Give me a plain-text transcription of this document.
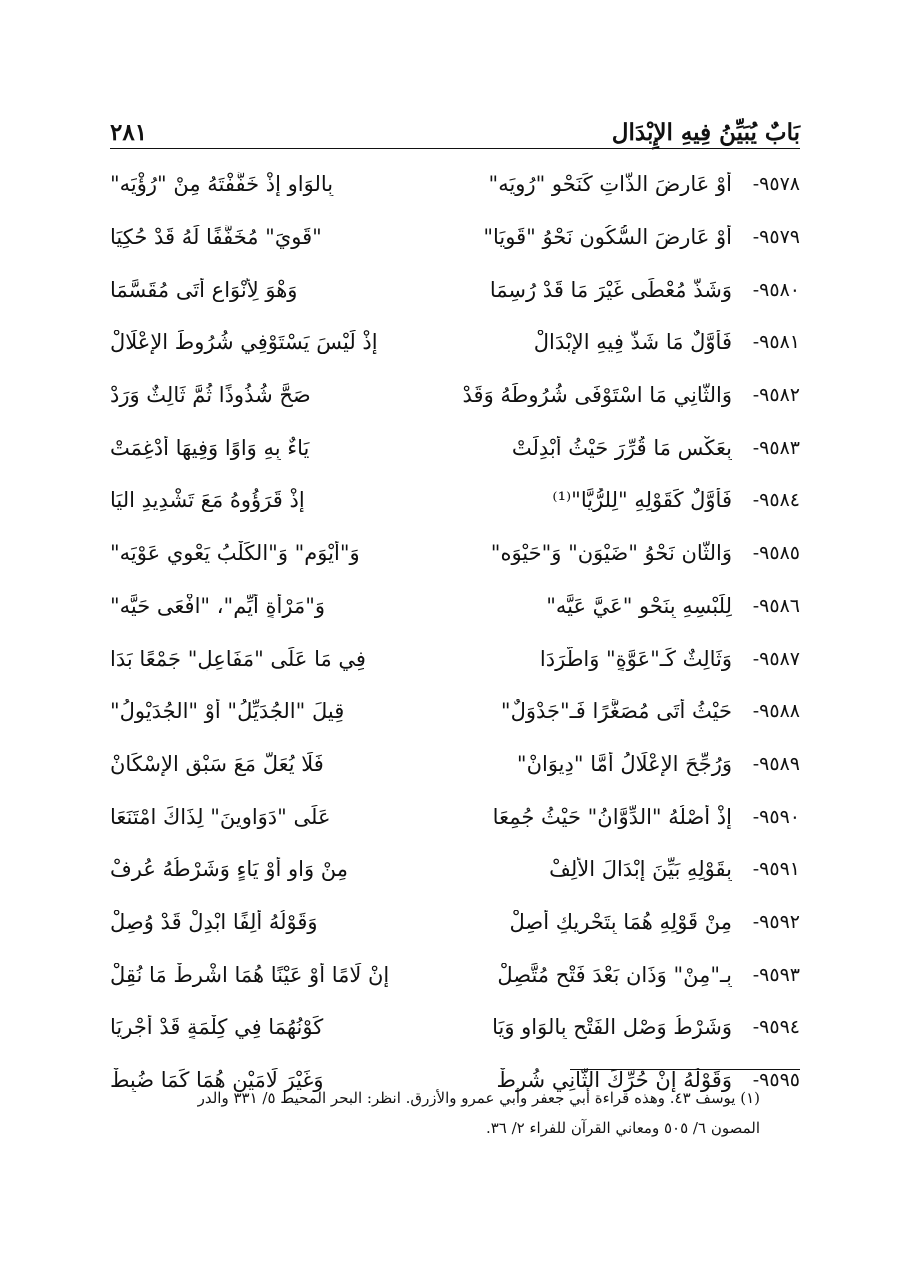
بَابٌ يُبَيِّنُ فِيهِ الإِبْدَال
٢٨١
٩٥٧٨-
أَوْ عَارِضَ الذَّاتِ كَنَحْوِ "رُويَه"
بِالوَاوِ إِذْ خَفَّفْتَهُ مِنْ "رُؤْيَه"
٩٥٧٩-
أَوْ عَارِضَ السُّكُونِ نَحْوُ "قَوِيَا"
"قَوِيَ" مُخَفَّفًا لَهُ قَدْ حُكِيَا
٩٥٨٠-
وَشَذَّ مُعْطًى غَيْرَ مَا قَدْ رُسِمَا
وَهْوَ لِأَنْوَاعٍ أَتَى مُقَسَّمَا
٩٥٨١-
فَأَوَّلٌ مَا شَذَّ فِيهِ الإِبْدَالْ
إِذْ لَيْسَ يَسْتَوْفِي شُرُوطَ الإِعْلَالْ
٩٥٨٢-
وَالثَّانِي مَا اسْتَوْفَى شُرُوطَهُ وَقَدْ
صَحَّ شُذُوذًا ثُمَّ ثَالِثٌ وَرَدْ
٩٥٨٣-
بِعَكْسِ مَا قُرِّرَ حَيْثُ أُبْدِلَتْ
يَاءٌ بِهِ وَاوًا وَفِيهَا أُدْغِمَتْ
٩٥٨٤-
فَأَوَّلٌ كَقَوْلِهِ "لِلرُّيَّا"⁽¹⁾
إِذْ قَرَؤُوهُ مَعَ تَشْدِيدِ اليَا
٩٥٨٥-
وَالثَّانِ نَحْوُ "ضَيْوَنٍ" وَ"حَيْوَه"
وَ"أَيْوَمٍ" وَ"الكَلْبُ يَعْوِي عَوْيَه"
٩٥٨٦-
لِلَبْسِهِ بِنَحْوِ "عَيَّ عَيَّه"
وَ"مَرْأَةٍ أَيِّمٍ"، "افْعَى حَيَّه"
٩٥٨٧-
وَثَالِثٌ كَـ"عَوَّةٍ" وَاطَّرَدَا
فِي مَا عَلَى "مَفَاعِلٍ" جَمْعًا بَدَا
٩٥٨٨-
حَيْثُ أَتَى مُصَغَّرًا فَـ"جَدْوَلٌ"
قِيلَ "الجُدَيِّلُ" أَوْ "الجُدَيْوِلُ"
٩٥٨٩-
وَرُجِّحَ الإِعْلَالُ أَمَّا "دِيوَانْ"
فَلَا يُعَلُّ مَعَ سَبْقِ الإِسْكَانْ
٩٥٩٠-
إِذْ أَصْلُهُ "الدِّوَّانُ" حَيْثُ جُمِعَا
عَلَى "دَوَاوِينَ" لِذَاكَ امْتَنَعَا
٩٥٩١-
بِقَوْلِهِ بَيِّنَ إِبْدَالَ الأَلِفْ
مِنْ وَاوٍ أَوْ يَاءٍ وَشَرْطُهُ عُرِفْ
٩٥٩٢-
مِنْ قَوْلِهِ هُمَا بِتَحْرِيكٍ أُصِلْ
وَقَوْلُهُ أَلِفًا ابْدِلْ قَدْ وُصِلْ
٩٥٩٣-
بِـ"مِنْ" وَذَانِ بَعْدَ فَتْحٍ مُتَّصِلْ
إِنْ لَامًا أَوْ عَيْنًا هُمَا اشْرِطْ مَا نُقِلْ
٩٥٩٤-
وَشَرْطُ وَصْلِ الفَتْحِ بِالوَاوِ وَيَا
كَوْنُهُمَا فِي كِلْمَةٍ قَدْ أُجْرِيَا
٩٥٩٥-
وَقَوْلُهُ إِنْ حُرِّكَ الثَّانِي شُرِطْ
وَغَيْرَ لَامَيْنِ هُمَا كَمَا ضُبِطْ
(١) يوسف ٤٣. وهذه قراءة أبي جعفر وأبي عمرو والأزرق. انظر: البحر المحيط ٥/ ٣٣١ والدر
المصون ٦/ ٥٠٥ ومعاني القرآن للفراء ٢/ ٣٦.
